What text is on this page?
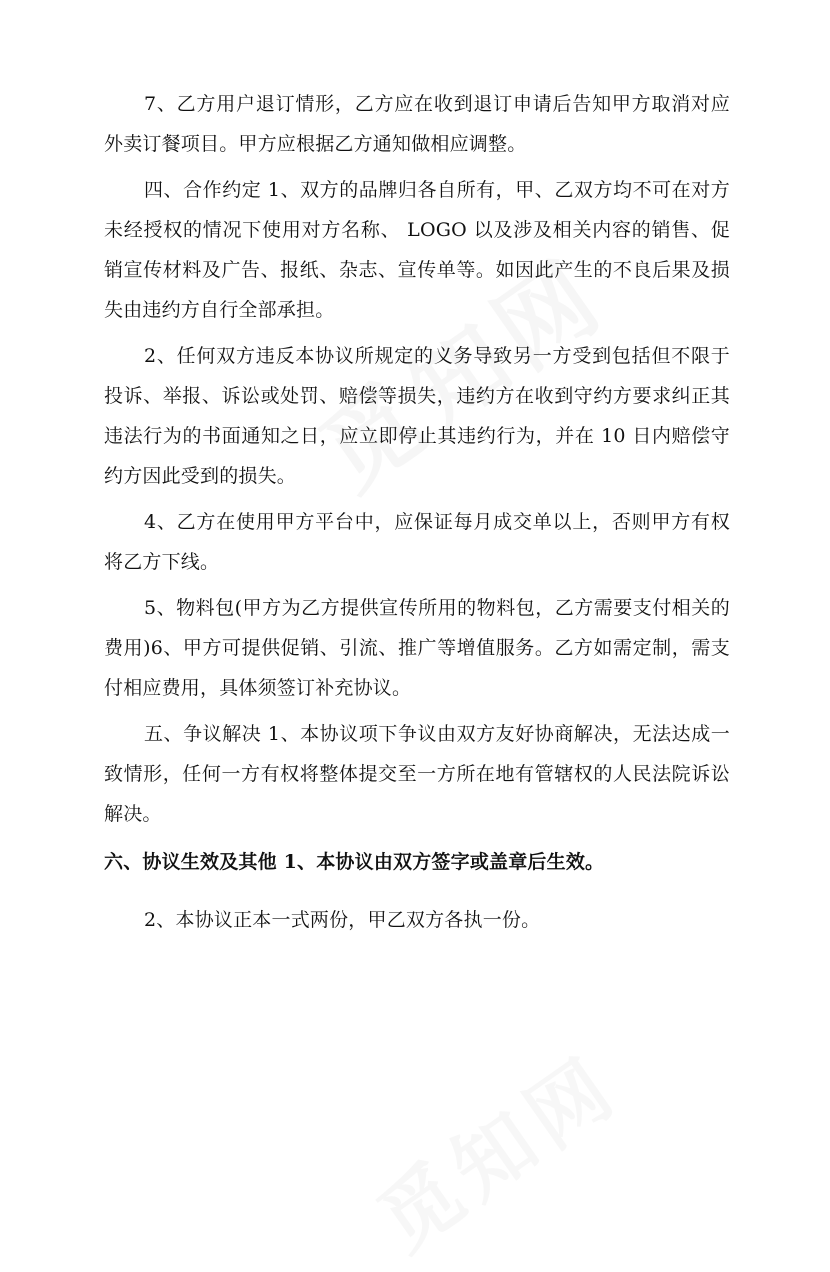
7、乙方用户退订情形，乙方应在收到退订申请后告知甲方取消对应外卖订餐项目。甲方应根据乙方通知做相应调整。

四、合作约定 1、双方的品牌归各自所有，甲、乙双方均不可在对方未经授权的情况下使用对方名称、 LOGO 以及涉及相关内容的销售、促销宣传材料及广告、报纸、杂志、宣传单等。如因此产生的不良后果及损失由违约方自行全部承担。

2、任何双方违反本协议所规定的义务导致另一方受到包括但不限于投诉、举报、诉讼或处罚、赔偿等损失，违约方在收到守约方要求纠正其违法行为的书面通知之日，应立即停止其违约行为，并在 10 日内赔偿守约方因此受到的损失。

4、乙方在使用甲方平台中，应保证每月成交单以上，否则甲方有权将乙方下线。

5、物料包(甲方为乙方提供宣传所用的物料包，乙方需要支付相关的费用)6、甲方可提供促销、引流、推广等增值服务。乙方如需定制，需支付相应费用，具体须签订补充协议。

五、争议解决 1、本协议项下争议由双方友好协商解决，无法达成一致情形，任何一方有权将整体提交至一方所在地有管辖权的人民法院诉讼解决。

六、协议生效及其他 1、本协议由双方签字或盖章后生效。

2、本协议正本一式两份，甲乙双方各执一份。
